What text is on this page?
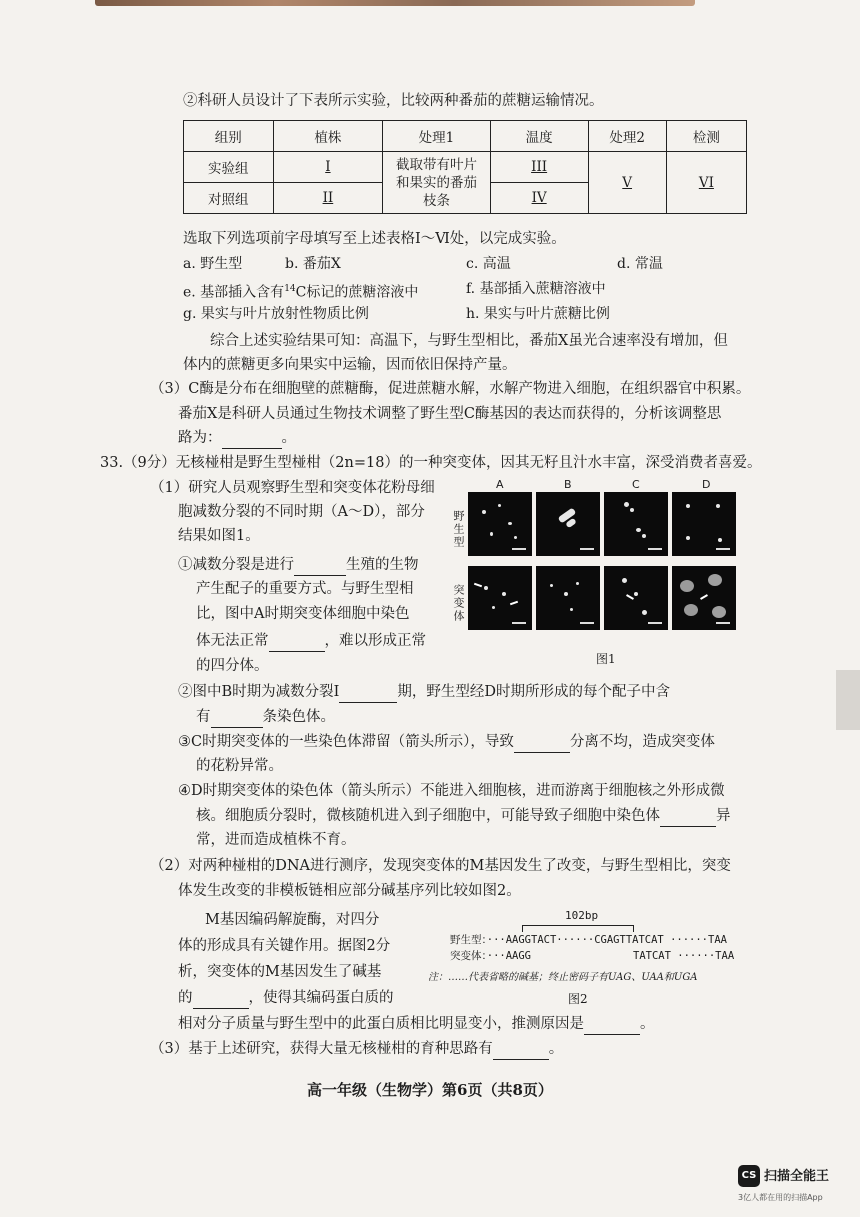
②科研人员设计了下表所示实验，比较两种番茄的蔗糖运输情况。
组别	植株	处理1	温度	处理2	检测
实验组	I	截取带有叶片和果实的番茄枝条	III	V	VI
对照组	II		IV		
选取下列选项前字母填写至上述表格Ⅰ～Ⅵ处，以完成实验。
a. 野生型	b. 番茄X	c. 高温	d. 常温
e. 基部插入含有$^{14}$C标记的蔗糖溶液中	f. 基部插入蔗糖溶液中
g. 果实与叶片放射性物质比例	h. 果实与叶片蔗糖比例
综合上述实验结果可知：高温下，与野生型相比，番茄X虽光合速率没有增加，但
体内的蔗糖更多向果实中运输，因而依旧保持产量。
（3）C酶是分布在细胞壁的蔗糖酶，促进蔗糖水解，水解产物进入细胞，在组织器官中积累。
番茄X是科研人员通过生物技术调整了野生型C酶基因的表达而获得的，分析该调整思
路为：	。
33.（9分）无核椪柑是野生型椪柑（2n=18）的一种突变体，因其无籽且汁水丰富，深受消费者喜爱。
（1）研究人员观察野生型和突变体花粉母细
胞减数分裂的不同时期（A～D），部分
结果如图1。
①减数分裂是进行	生殖的生物
产生配子的重要方式。与野生型相
比，图中A时期突变体细胞中染色
体无法正常	，难以形成正常
的四分体。
A	B	C	D
野生型
突变体
图1
②图中B时期为减数分裂Ⅰ	期，野生型经D时期所形成的每个配子中含
有	条染色体。
③C时期突变体的一些染色体滞留（箭头所示），导致	分离不均，造成突变体
的花粉异常。
④D时期突变体的染色体（箭头所示）不能进入细胞核，进而游离于细胞核之外形成微
核。细胞质分裂时，微核随机进入到子细胞中，可能导致子细胞中染色体	异
常，进而造成植株不育。
（2）对两种椪柑的DNA进行测序，发现突变体的M基因发生了改变，与野生型相比，突变
体发生改变的非模板链相应部分碱基序列比较如图2。
M基因编码解旋酶，对四分
体的形成具有关键作用。据图2分
析，突变体的M基因发生了碱基
的	，使得其编码蛋白质的
相对分子质量与野生型中的此蛋白质相比明显变小，推测原因是	。
（3）基于上述研究，获得大量无核椪柑的育种思路有	。
102bp
野生型：···AAGGTACT······CGAGTTATCAT ······TAA
突变体：···AAGG	TATCAT ······TAA
注：……代表省略的碱基；终止密码子有UAG、UAA和UGA
图2
高一年级（生物学）第6页（共8页）
CS 扫描全能王
3亿人都在用的扫描App
